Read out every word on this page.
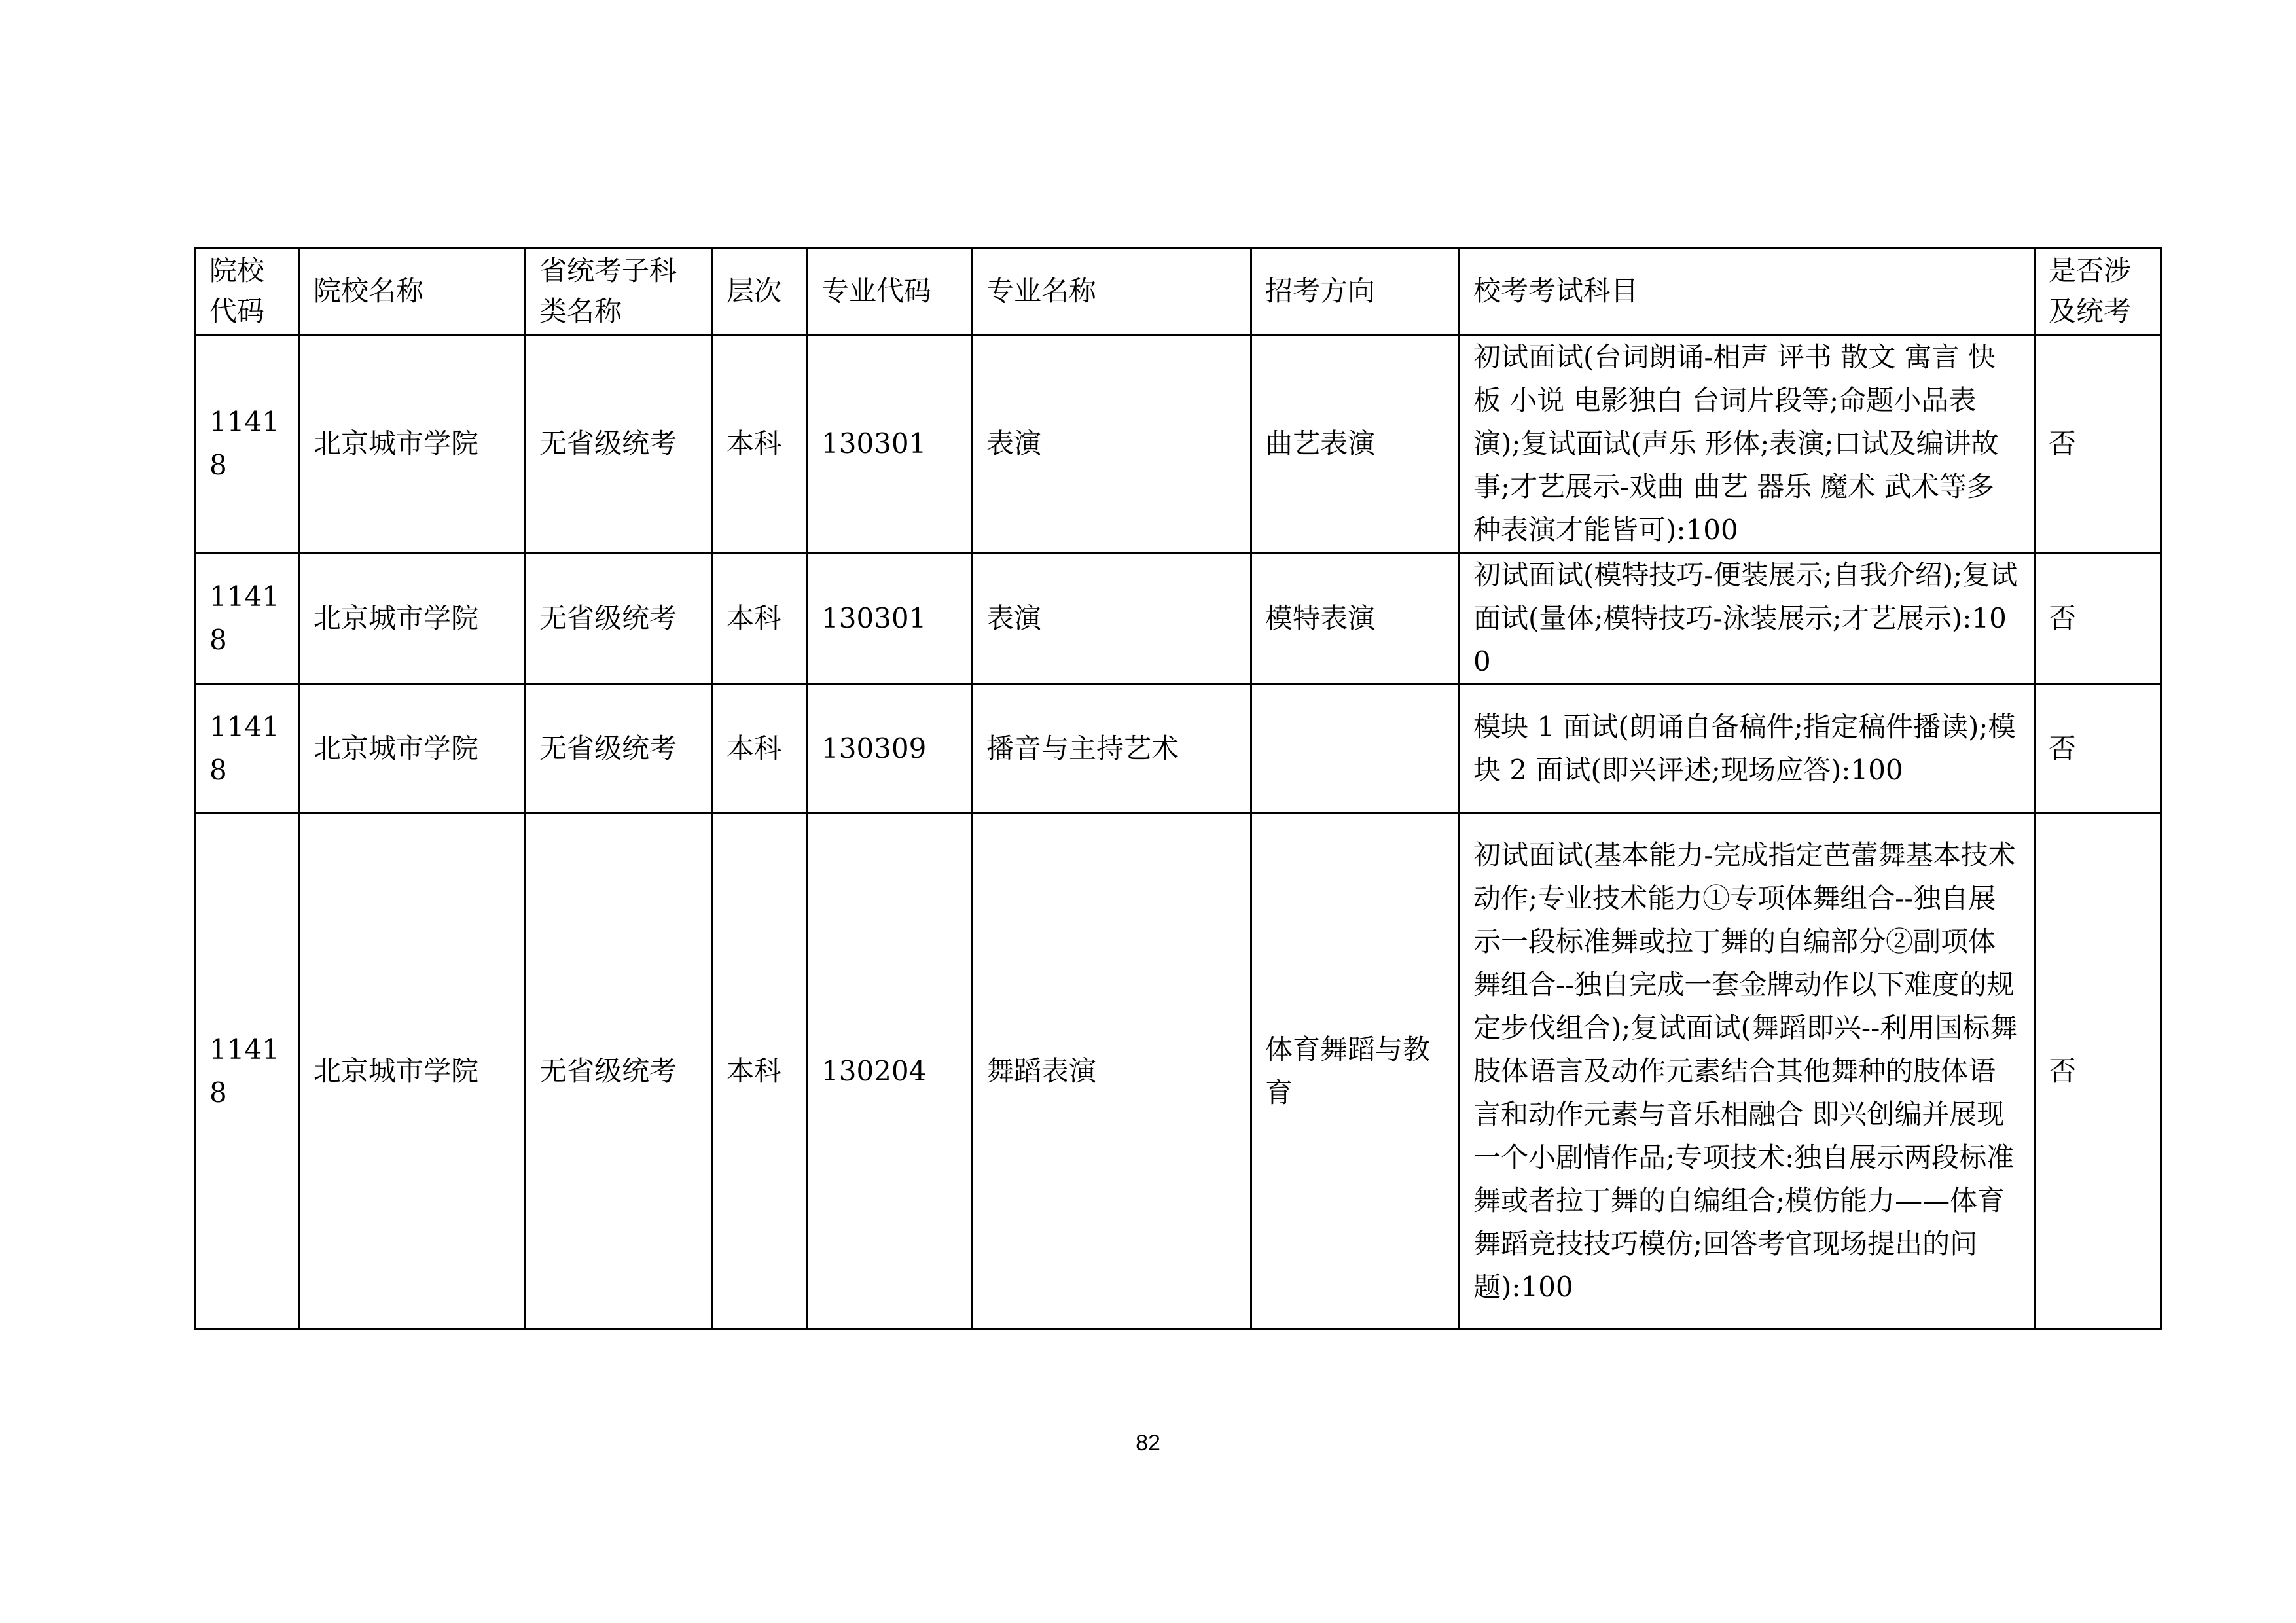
院校代码	院校名称	省统考子科类名称	层次	专业代码	专业名称	招考方向	校考考试科目	是否涉及统考
11418	北京城市学院	无省级统考	本科	130301	表演	曲艺表演	初试面试(台词朗诵-相声 评书 散文 寓言 快板 小说 电影独白 台词片段等;命题小品表演);复试面试(声乐 形体;表演;口试及编讲故事;才艺展示-戏曲 曲艺 器乐 魔术 武术等多种表演才能皆可):100	否
11418	北京城市学院	无省级统考	本科	130301	表演	模特表演	初试面试(模特技巧-便装展示;自我介绍);复试面试(量体;模特技巧-泳装展示;才艺展示):100	否
11418	北京城市学院	无省级统考	本科	130309	播音与主持艺术		模块 1 面试(朗诵自备稿件;指定稿件播读);模块 2 面试(即兴评述;现场应答):100	否
11418	北京城市学院	无省级统考	本科	130204	舞蹈表演	体育舞蹈与教育	初试面试(基本能力-完成指定芭蕾舞基本技术动作;专业技术能力①专项体舞组合--独自展示一段标准舞或拉丁舞的自编部分②副项体舞组合--独自完成一套金牌动作以下难度的规定步伐组合);复试面试(舞蹈即兴--利用国标舞肢体语言及动作元素结合其他舞种的肢体语言和动作元素与音乐相融合 即兴创编并展现一个小剧情作品;专项技术:独自展示两段标准舞或者拉丁舞的自编组合;模仿能力——体育舞蹈竞技技巧模仿;回答考官现场提出的问题):100	否
82
